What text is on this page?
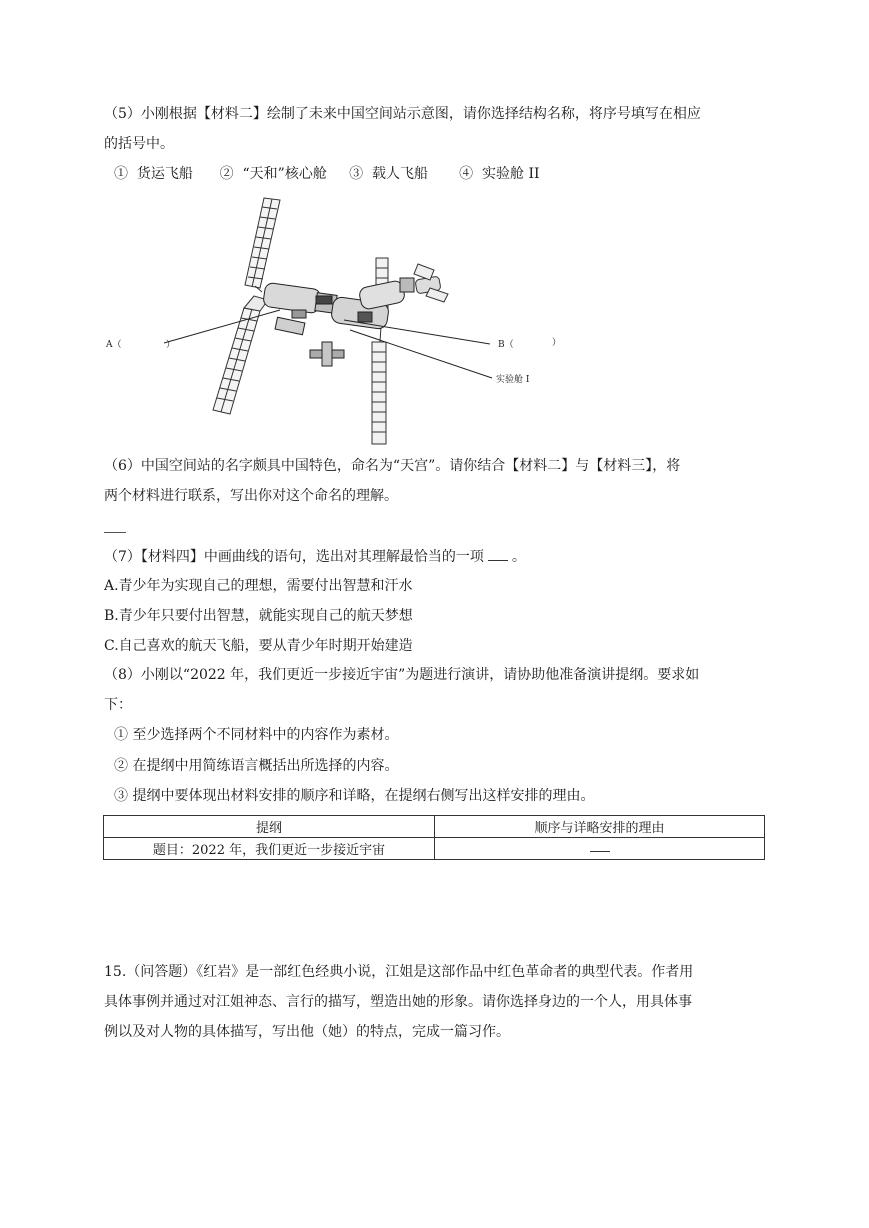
（5）小刚根据【材料二】绘制了未来中国空间站示意图，请你选择结构名称，将序号填写在相应
的括号中。
①  货运飞船      ②  “天和”核心舱     ③  载人飞船       ④  实验舱 II
A（	）	B（	）
实验舱 I
（6）中国空间站的名字颇具中国特色，命名为“天宫”。请你结合【材料二】与【材料三】，将
两个材料进行联系，写出你对这个命名的理解。
（7）【材料四】中画曲线的语句，选出对其理解最恰当的一项 。
A.青少年为实现自己的理想，需要付出智慧和汗水
B.青少年只要付出智慧，就能实现自己的航天梦想
C.自己喜欢的航天飞船，要从青少年时期开始建造
（8）小刚以“2022 年，我们更近一步接近宇宙”为题进行演讲，请协助他准备演讲提纲。要求如
下：
① 至少选择两个不同材料中的内容作为素材。
② 在提纲中用简练语言概括出所选择的内容。
③ 提纲中要体现出材料安排的顺序和详略，在提纲右侧写出这样安排的理由。
提纲	顺序与详略安排的理由
题目：2022 年，我们更近一步接近宇宙	
15.（问答题）《红岩》是一部红色经典小说，江姐是这部作品中红色革命者的典型代表。作者用
具体事例并通过对江姐神态、言行的描写，塑造出她的形象。请你选择身边的一个人，用具体事
例以及对人物的具体描写，写出他（她）的特点，完成一篇习作。
